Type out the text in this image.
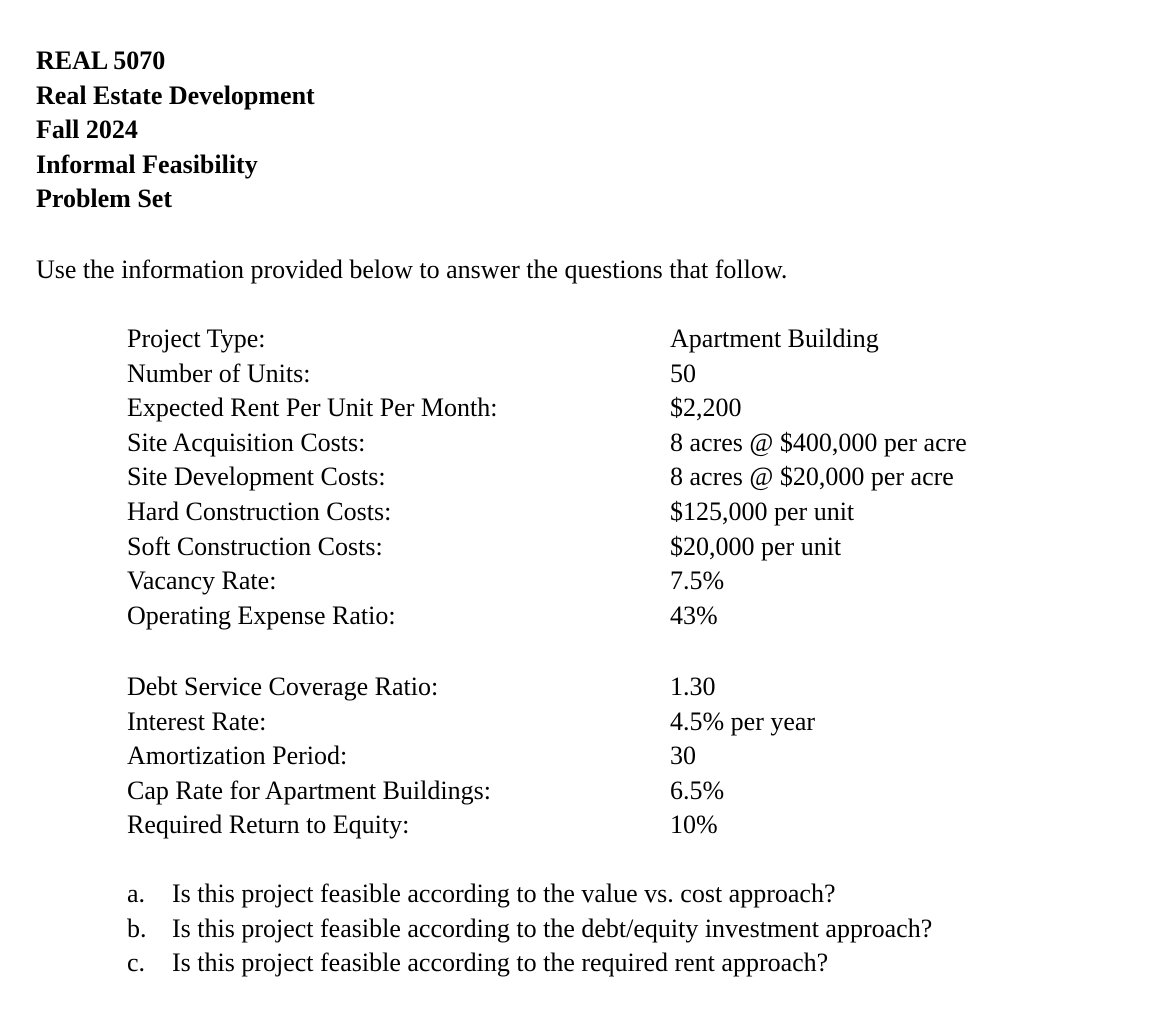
REAL 5070
Real Estate Development
Fall 2024
Informal Feasibility
Problem Set
Use the information provided below to answer the questions that follow.
Project Type:	Apartment Building
Number of Units:	50
Expected Rent Per Unit Per Month:	$2,200
Site Acquisition Costs:	8 acres @ $400,000 per acre
Site Development Costs:	8 acres @ $20,000 per acre
Hard Construction Costs:	$125,000 per unit
Soft Construction Costs:	$20,000 per unit
Vacancy Rate:	7.5%
Operating Expense Ratio:	43%
Debt Service Coverage Ratio:	1.30
Interest Rate:	4.5% per year
Amortization Period:	30
Cap Rate for Apartment Buildings:	6.5%
Required Return to Equity:	10%
a. Is this project feasible according to the value vs. cost approach?
b. Is this project feasible according to the debt/equity investment approach?
c. Is this project feasible according to the required rent approach?
